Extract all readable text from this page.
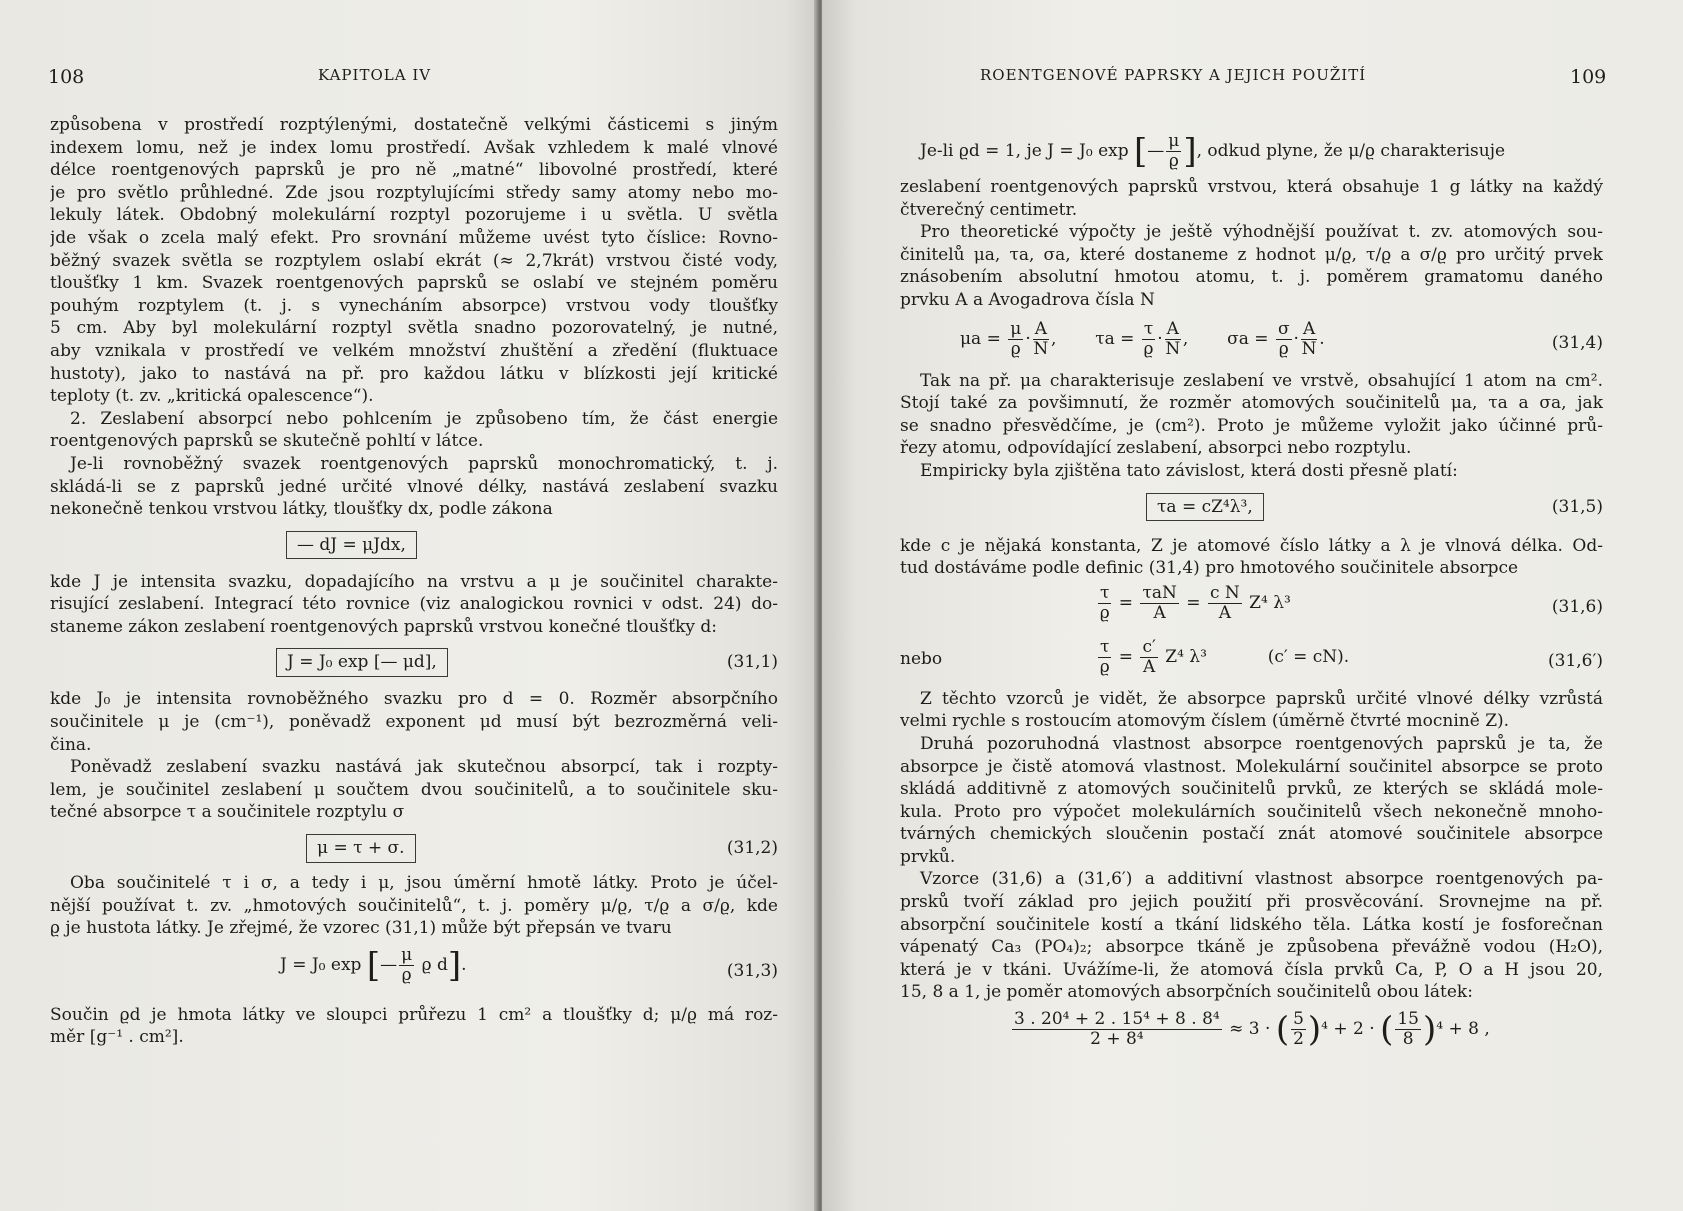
108	KAPITOLA IV
způsobena v prostředí rozptýlenými, dostatečně velkými částicemi s jiným
indexem lomu, než je index lomu prostředí. Avšak vzhledem k malé vlnové
délce roentgenových paprsků je pro ně „matné“ libovolné prostředí, které
je pro světlo průhledné. Zde jsou rozptylujícími středy samy atomy nebo mo-
lekuly látek. Obdobný molekulární rozptyl pozorujeme i u světla. U světla
jde však o zcela malý efekt. Pro srovnání můžeme uvést tyto číslice: Rovno-
běžný svazek světla se rozptylem oslabí ekrát (≈ 2,7krát) vrstvou čisté vody,
tloušťky 1 km. Svazek roentgenových paprsků se oslabí ve stejném poměru
pouhým rozptylem (t. j. s vynecháním absorpce) vrstvou vody tloušťky
5 cm. Aby byl molekulární rozptyl světla snadno pozorovatelný, je nutné,
aby vznikala v prostředí ve velkém množství zhuštění a zředění (fluktuace
hustoty), jako to nastává na př. pro každou látku v blízkosti její kritické
teploty (t. zv. „kritická opalescence“).
2. Zeslabení absorpcí nebo pohlcením je způsobeno tím, že část energie
roentgenových paprsků se skutečně pohltí v látce.
Je-li rovnoběžný svazek roentgenových paprsků monochromatický, t. j.
skládá-li se z paprsků jedné určité vlnové délky, nastává zeslabení svazku
nekonečně tenkou vrstvou látky, tloušťky dx, podle zákona
— dJ = μJdx,
kde J je intensita svazku, dopadajícího na vrstvu a μ je součinitel charakte-
risující zeslabení. Integrací této rovnice (viz analogickou rovnici v odst. 24) do-
staneme zákon zeslabení roentgenových paprsků vrstvou konečné tloušťky d:
J = J₀ exp [— μd],	(31,1)
kde J₀ je intensita rovnoběžného svazku pro d = 0. Rozměr absorpčního
součinitele μ je (cm⁻¹), poněvadž exponent μd musí být bezrozměrná veli-
čina.
Poněvadž zeslabení svazku nastává jak skutečnou absorpcí, tak i rozpty-
lem, je součinitel zeslabení μ součtem dvou součinitelů, a to součinitele sku-
tečné absorpce τ a součinitele rozptylu σ
μ = τ + σ.	(31,2)
Oba součinitelé τ i σ, a tedy i μ, jsou úměrní hmotě látky. Proto je účel-
nější používat t. zv. „hmotových součinitelů“, t. j. poměry μ/ϱ, τ/ϱ a σ/ϱ, kde
ϱ je hustota látky. Je zřejmé, že vzorec (31,1) může být přepsán ve tvaru
J = J₀ exp [— $\frac{\mu}{ϱ}$ ϱ d].	(31,3)
Součin ϱd je hmota látky ve sloupci průřezu 1 cm² a tloušťky d; μ/ϱ má roz-
měr [g⁻¹ . cm²].
ROENTGENOVÉ PAPRSKY A JEJICH POUŽITÍ	109
Je-li ϱd = 1, je J = J₀ exp [— $\frac{\mu}{ϱ}$ ], odkud plyne, že μ/ϱ charakterisuje
zeslabení roentgenových paprsků vrstvou, která obsahuje 1 g látky na každý
čtverečný centimetr.
Pro theoretické výpočty je ještě výhodnější používat t. zv. atomových sou-
činitelů μa, τa, σa, které dostaneme z hodnot μ/ϱ, τ/ϱ a σ/ϱ pro určitý prvek
znásobením absolutní hmotou atomu, t. j. poměrem gramatomu daného
prvku A a Avogadrova čísla N
$\mu a = \frac{\mu}{ϱ} \cdot \frac{A}{N}$ ,  $\tau a = \frac{\tau}{ϱ} \cdot \frac{A}{N}$ ,  $\sigma a = \frac{\sigma}{ϱ} \cdot \frac{A}{N}$ .	(31,4)
Tak na př. μa charakterisuje zeslabení ve vrstvě, obsahující 1 atom na cm².
Stojí také za povšimnutí, že rozměr atomových součinitelů μa, τa a σa, jak
se snadno přesvědčíme, je (cm²). Proto je můžeme vyložit jako účinné prů-
řezy atomu, odpovídající zeslabení, absorpci nebo rozptylu.
Empiricky byla zjištěna tato závislost, která dosti přesně platí:
τa = cZ⁴λ³,	(31,5)
kde c je nějaká konstanta, Z je atomové číslo látky a λ je vlnová délka. Od-
tud dostáváme podle definic (31,4) pro hmotového součinitele absorpce
$\frac{\tau}{ϱ} = \frac{\text{τaN}}{A} = \frac{\text{c N}}{A} Z^4$ λ³	(31,6)
nebo	$\frac{\tau}{ϱ} = \frac{c'}{A} Z^4$ λ³	(c′ = cN).	(31,6′)
Z těchto vzorců je vidět, že absorpce paprsků určité vlnové délky vzrůstá
velmi rychle s rostoucím atomovým číslem (úměrně čtvrté mocnině Z).
Druhá pozoruhodná vlastnost absorpce roentgenových paprsků je ta, že
absorpce je čistě atomová vlastnost. Molekulární součinitel absorpce se proto
skládá additivně z atomových součinitelů prvků, ze kterých se skládá mole-
kula. Proto pro výpočet molekulárních součinitelů všech nekonečně mnoho-
tvárných chemických sloučenin postačí znát atomové součinitele absorpce
prvků.
Vzorce (31,6) a (31,6′) a additivní vlastnost absorpce roentgenových pa-
prsků tvoří základ pro jejich použití při prosvěcování. Srovnejme na př.
absorpční součinitele kostí a tkání lidského těla. Látka kostí je fosforečnan
vápenatý Ca₃ (PO₄)₂; absorpce tkáně je způsobena převážně vodou (H₂O),
která je v tkáni. Uvážíme-li, že atomová čísla prvků Ca, P, O a H jsou 20,
15, 8 a 1, je poměr atomových absorpčních součinitelů obou látek:
$\frac{\text{3 . 20⁴ + 2 . 15⁴ + 8 . 8⁴}}{\text{2 + 8⁴}} \approx 3$ · ( $\frac{5}{2} )^4 + 2$ · ( $\frac{15}{8} )^4 + 8$ ,
